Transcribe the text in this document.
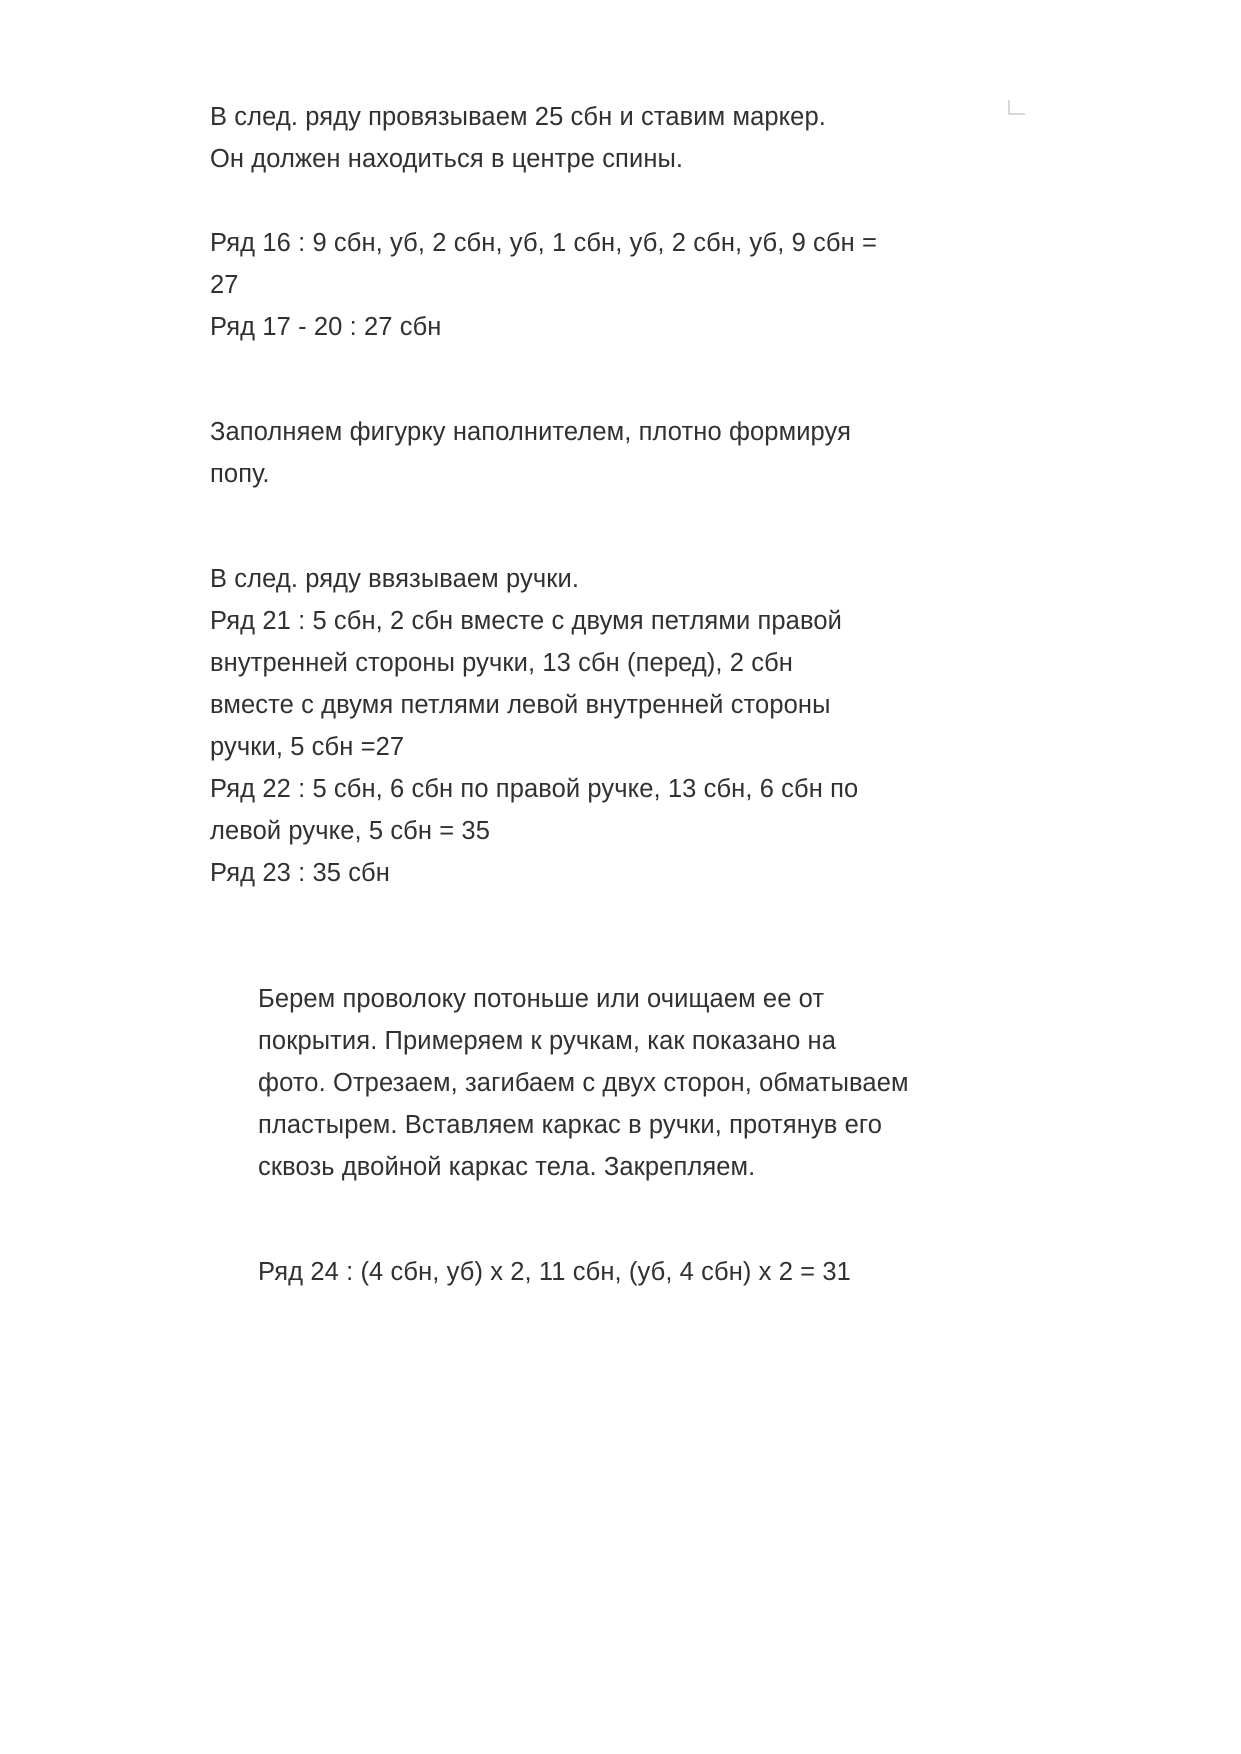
В след. ряду провязываем 25 сбн и ставим маркер.

Он должен находиться в центре спины.

Ряд 16 : 9 сбн, уб, 2 сбн, уб, 1 сбн, уб, 2 сбн, уб, 9 сбн =

27

Ряд 17 - 20 : 27 сбн

Заполняем фигурку наполнителем, плотно формируя

попу.

В след. ряду ввязываем ручки.

Ряд 21 : 5 сбн, 2 сбн вместе с двумя петлями правой

внутренней стороны ручки, 13 сбн (перед), 2 сбн

вместе с двумя петлями левой внутренней стороны

ручки, 5 сбн =27

Ряд 22 : 5 сбн, 6 сбн по правой ручке, 13 сбн, 6 сбн по

левой ручке, 5 сбн = 35

Ряд 23 : 35 сбн

Берем проволоку потоньше или очищаем ее от

покрытия. Примеряем к ручкам, как показано на

фото. Отрезаем, загибаем с двух сторон, обматываем

пластырем. Вставляем каркас в ручки, протянув его

сквозь двойной каркас тела. Закрепляем.

Ряд 24 : (4 сбн, уб) х 2, 11 сбн, (уб, 4 сбн) х 2 = 31
